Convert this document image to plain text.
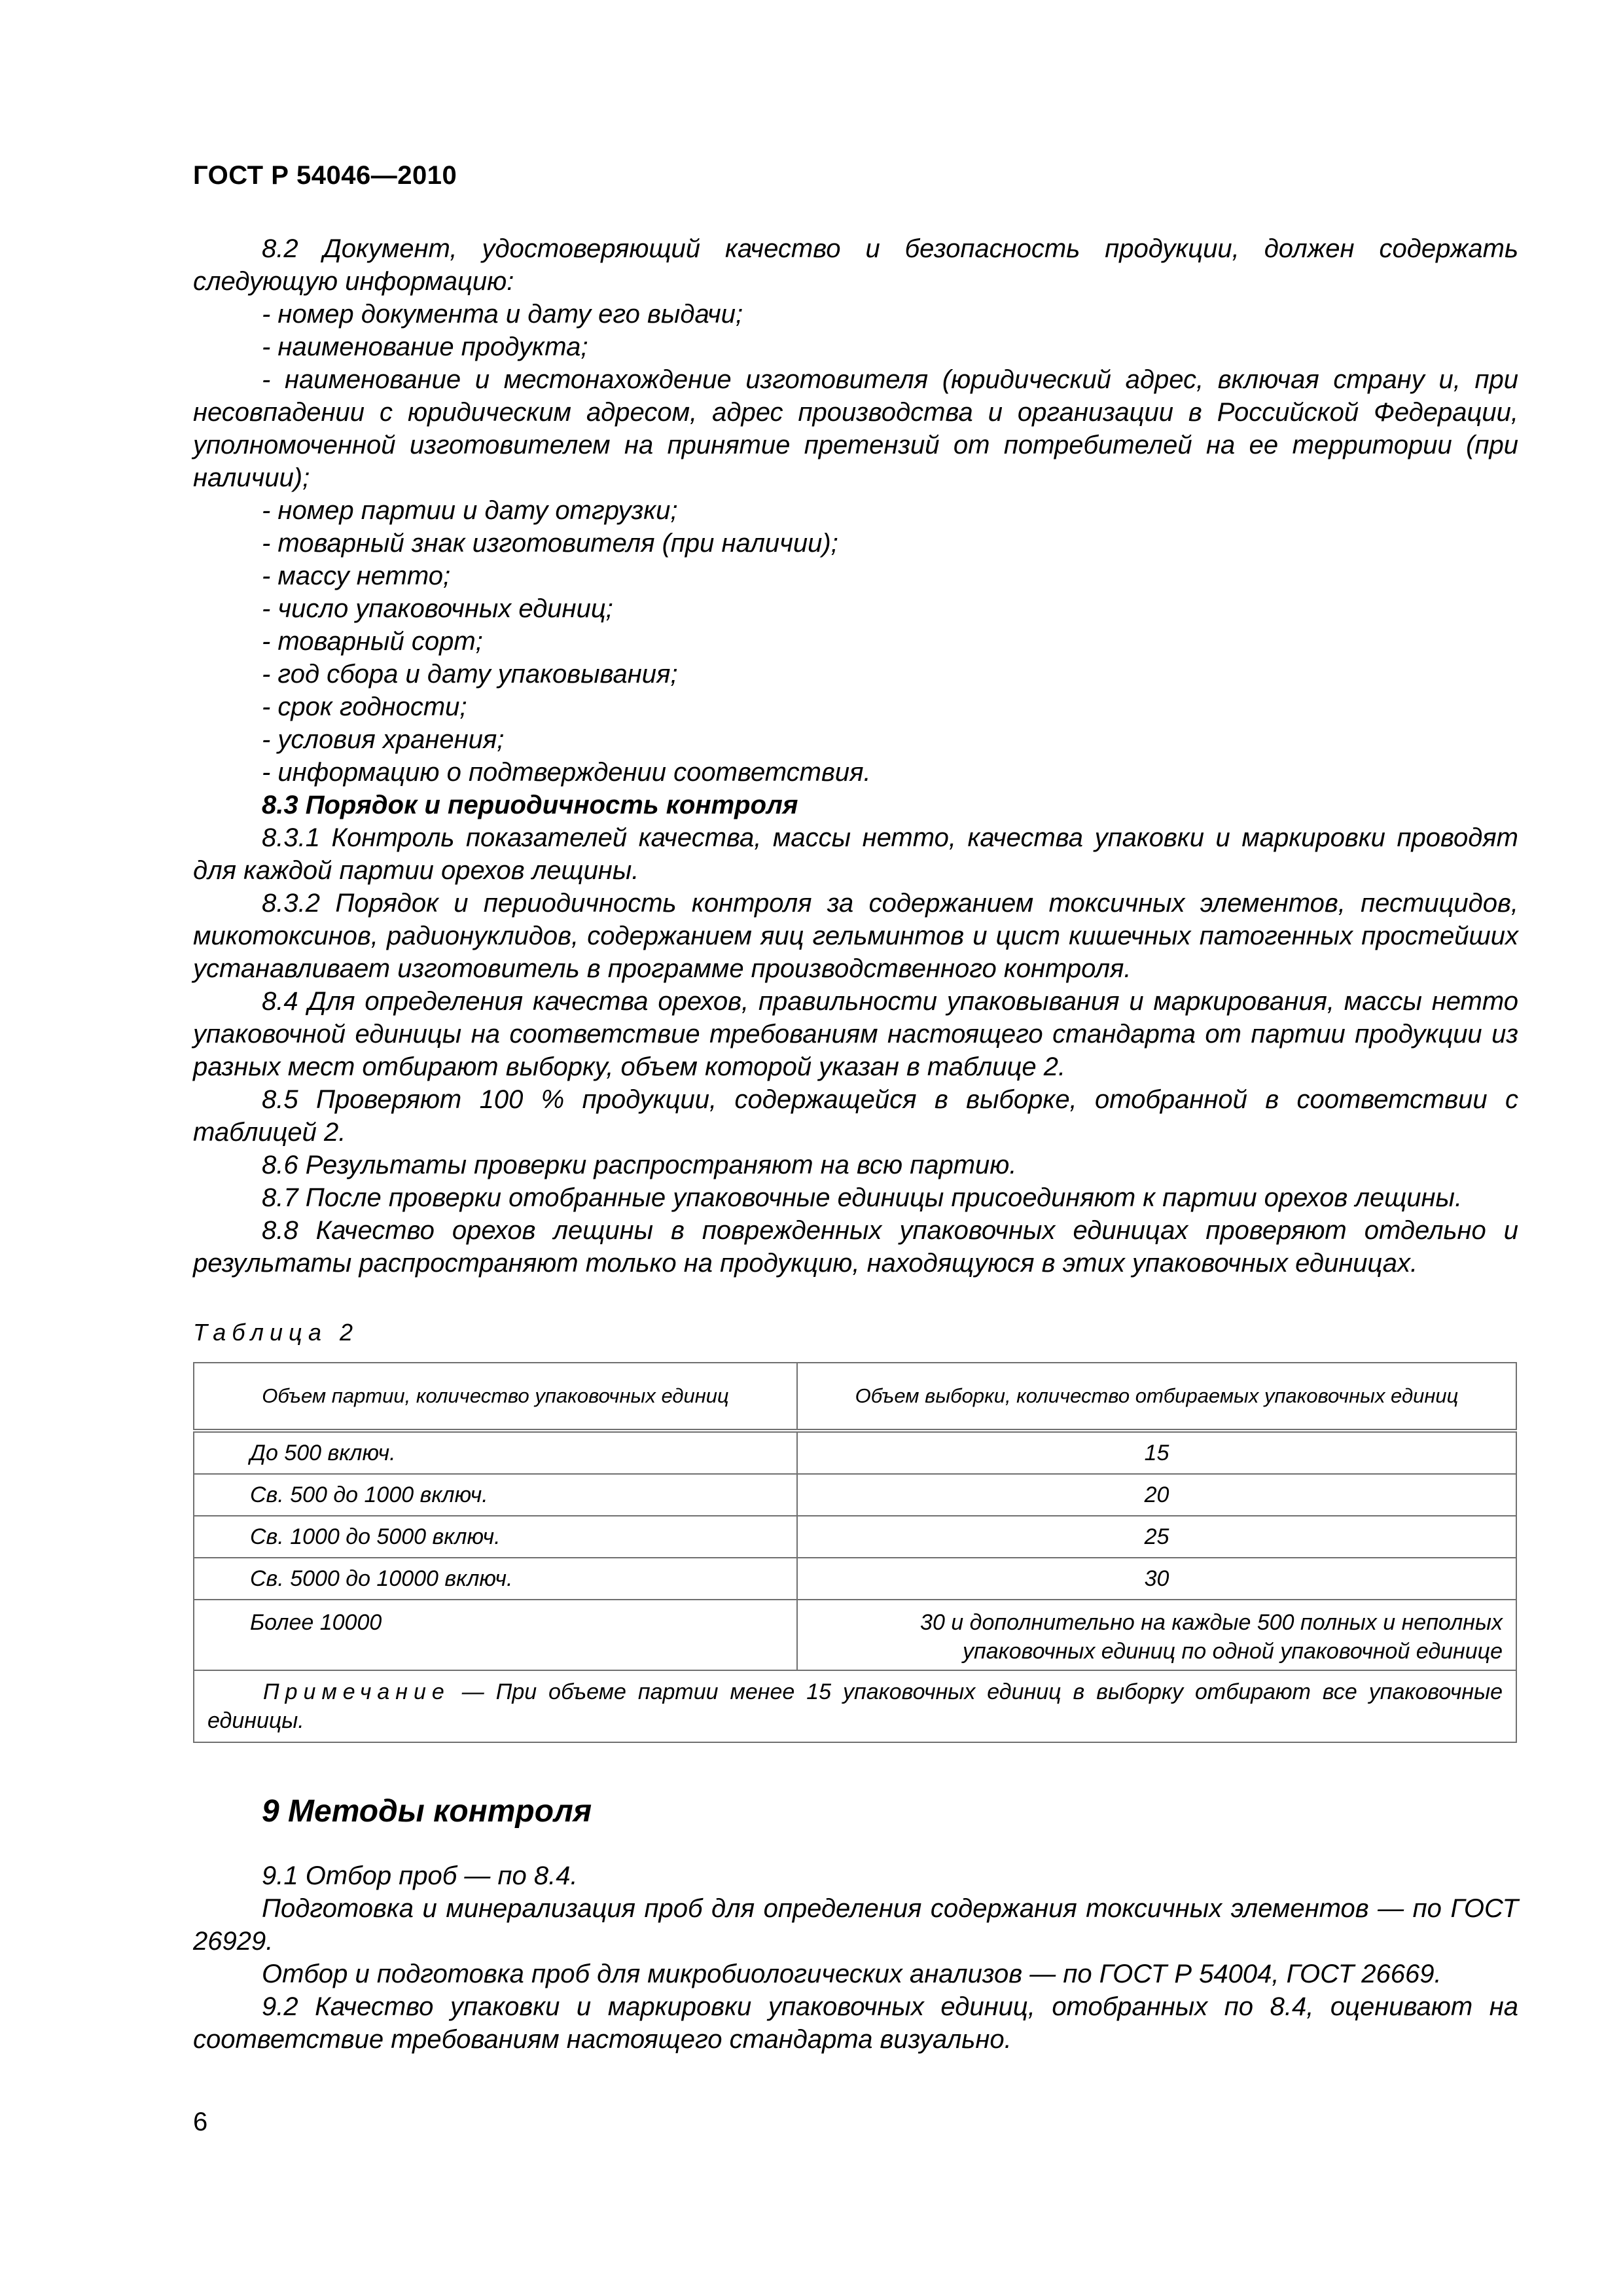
ГОСТ Р 54046—2010

8.2 Документ, удостоверяющий качество и безопасность продукции, должен содержать следующую информацию:

- номер документа и дату его выдачи;

- наименование продукта;

- наименование и местонахождение изготовителя (юридический адрес, включая страну и, при несовпадении с юридическим адресом, адрес производства и организации в Российской Федерации, уполномоченной изготовителем на принятие претензий от потребителей на ее территории (при наличии);

- номер партии и дату отгрузки;

- товарный знак изготовителя (при наличии);

- массу нетто;

- число упаковочных единиц;

- товарный сорт;

- год сбора и дату упаковывания;

- срок годности;

- условия хранения;

- информацию о подтверждении соответствия.

8.3 Порядок и периодичность контроля

8.3.1 Контроль показателей качества, массы нетто, качества упаковки и маркировки проводят для каждой партии орехов лещины.

8.3.2 Порядок и периодичность контроля за содержанием токсичных элементов, пестицидов, микотоксинов, радионуклидов, содержанием яиц гельминтов и цист кишечных патогенных простейших устанавливает изготовитель в программе производственного контроля.

8.4 Для определения качества орехов, правильности упаковывания и маркирования, массы нетто упаковочной единицы на соответствие требованиям настоящего стандарта от партии продукции из разных мест отбирают выборку, объем которой указан в таблице 2.

8.5 Проверяют 100 % продукции, содержащейся в выборке, отобранной в соответствии с таблицей 2.

8.6 Результаты проверки распространяют на всю партию.

8.7 После проверки отобранные упаковочные единицы присоединяют к партии орехов лещины.

8.8 Качество орехов лещины в поврежденных упаковочных единицах проверяют отдельно и результаты распространяют только на продукцию, находящуюся в этих упаковочных единицах.

Таблица 2
Объем партии, количество упаковочных единиц	Объем выборки, количество отбираемых упаковочных единиц
До 500 включ.	15
Св. 500 до 1000 включ.	20
Св. 1000 до 5000 включ.	25
Св. 5000 до 10000 включ.	30
Более 10000	30 и дополнительно на каждые 500 полных и неполных упаковочных единиц по одной упаковочной единице
Примечание — При объеме партии менее 15 упаковочных единиц в выборку отбирают все упаковочные единицы.	
9 Методы контроля

9.1 Отбор проб — по 8.4.

Подготовка и минерализация проб для определения содержания токсичных элементов — по ГОСТ 26929.

Отбор и подготовка проб для микробиологических анализов — по ГОСТ Р 54004, ГОСТ 26669.

9.2 Качество упаковки и маркировки упаковочных единиц, отобранных по 8.4, оценивают на соответствие требованиям настоящего стандарта визуально.

6
